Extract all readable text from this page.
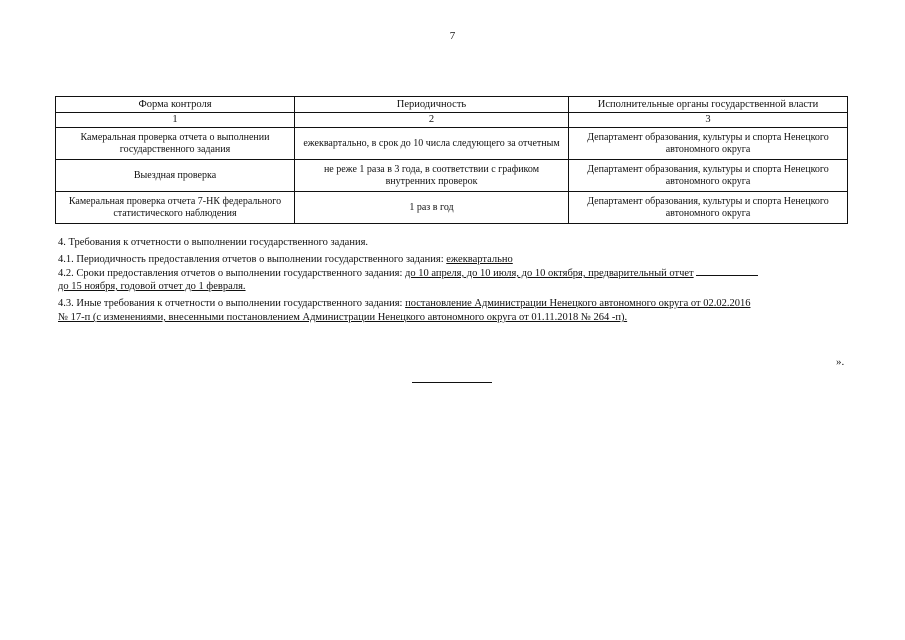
7
Форма контроля	Периодичность	Исполнительные органы государственной власти
1	2	3
Камеральная проверка отчета о выполнении государственного задания	ежеквартально, в срок до 10 числа следующего за отчетным	Департамент образования, культуры и спорта Ненецкого автономного округа
Выездная проверка	не реже 1 раза в 3 года, в соответствии с графиком внутренних проверок	Департамент образования, культуры и спорта Ненецкого автономного округа
Камеральная проверка отчета 7-НК федерального статистического наблюдения	1 раз в год	Департамент образования, культуры и спорта Ненецкого автономного округа
4. Требования к отчетности о выполнении государственного задания.
4.1. Периодичность предоставления отчетов о выполнении государственного задания: ежеквартально
4.2. Сроки предоставления отчетов о выполнении государственного задания: до 10 апреля, до 10 июля, до 10 октября, предварительный отчет
до 15 ноября, годовой отчет до 1 февраля.
4.3. Иные требования к отчетности о выполнении государственного задания: постановление Администрации Ненецкого автономного округа от 02.02.2016
№ 17-п (с изменениями, внесенными постановлением Администрации Ненецкого автономного округа от 01.11.2018 № 264 -п).
».
